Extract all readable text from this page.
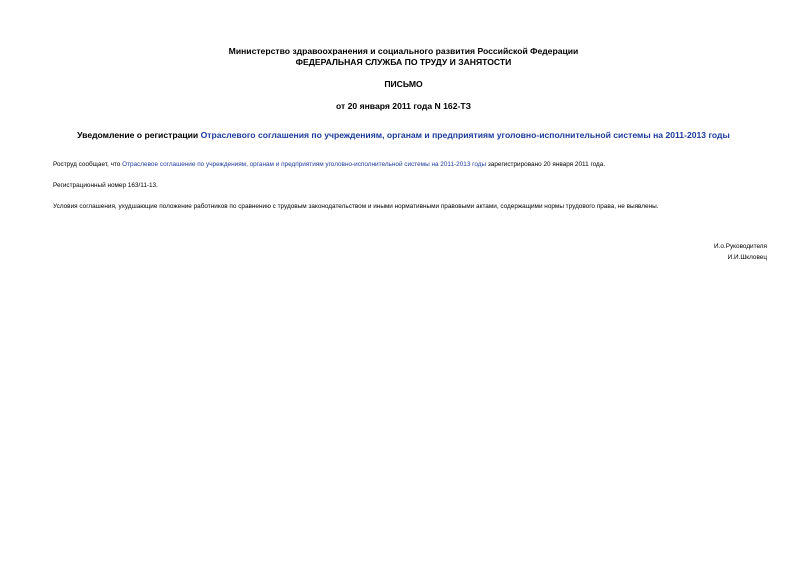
Министерство здравоохранения и социального развития Российской Федерации
ФЕДЕРАЛЬНАЯ СЛУЖБА ПО ТРУДУ И ЗАНЯТОСТИ
ПИСЬМО
от 20 января 2011 года N 162-ТЗ
Уведомление о регистрации Отраслевого соглашения по учреждениям, органам и предприятиям уголовно-исполнительной системы на 2011-2013 годы
Роструд сообщает, что Отраслевое соглашение по учреждениям, органам и предприятиям уголовно-исполнительной системы на 2011-2013 годы зарегистрировано 20 января 2011 года.
Регистрационный номер 163/11-13.
Условия соглашения, ухудшающие положение работников по сравнению с трудовым законодательством и иными нормативными правовыми актами, содержащими нормы трудового права, не выявлены.
И.о.Руководителя
И.И.Шкловец
